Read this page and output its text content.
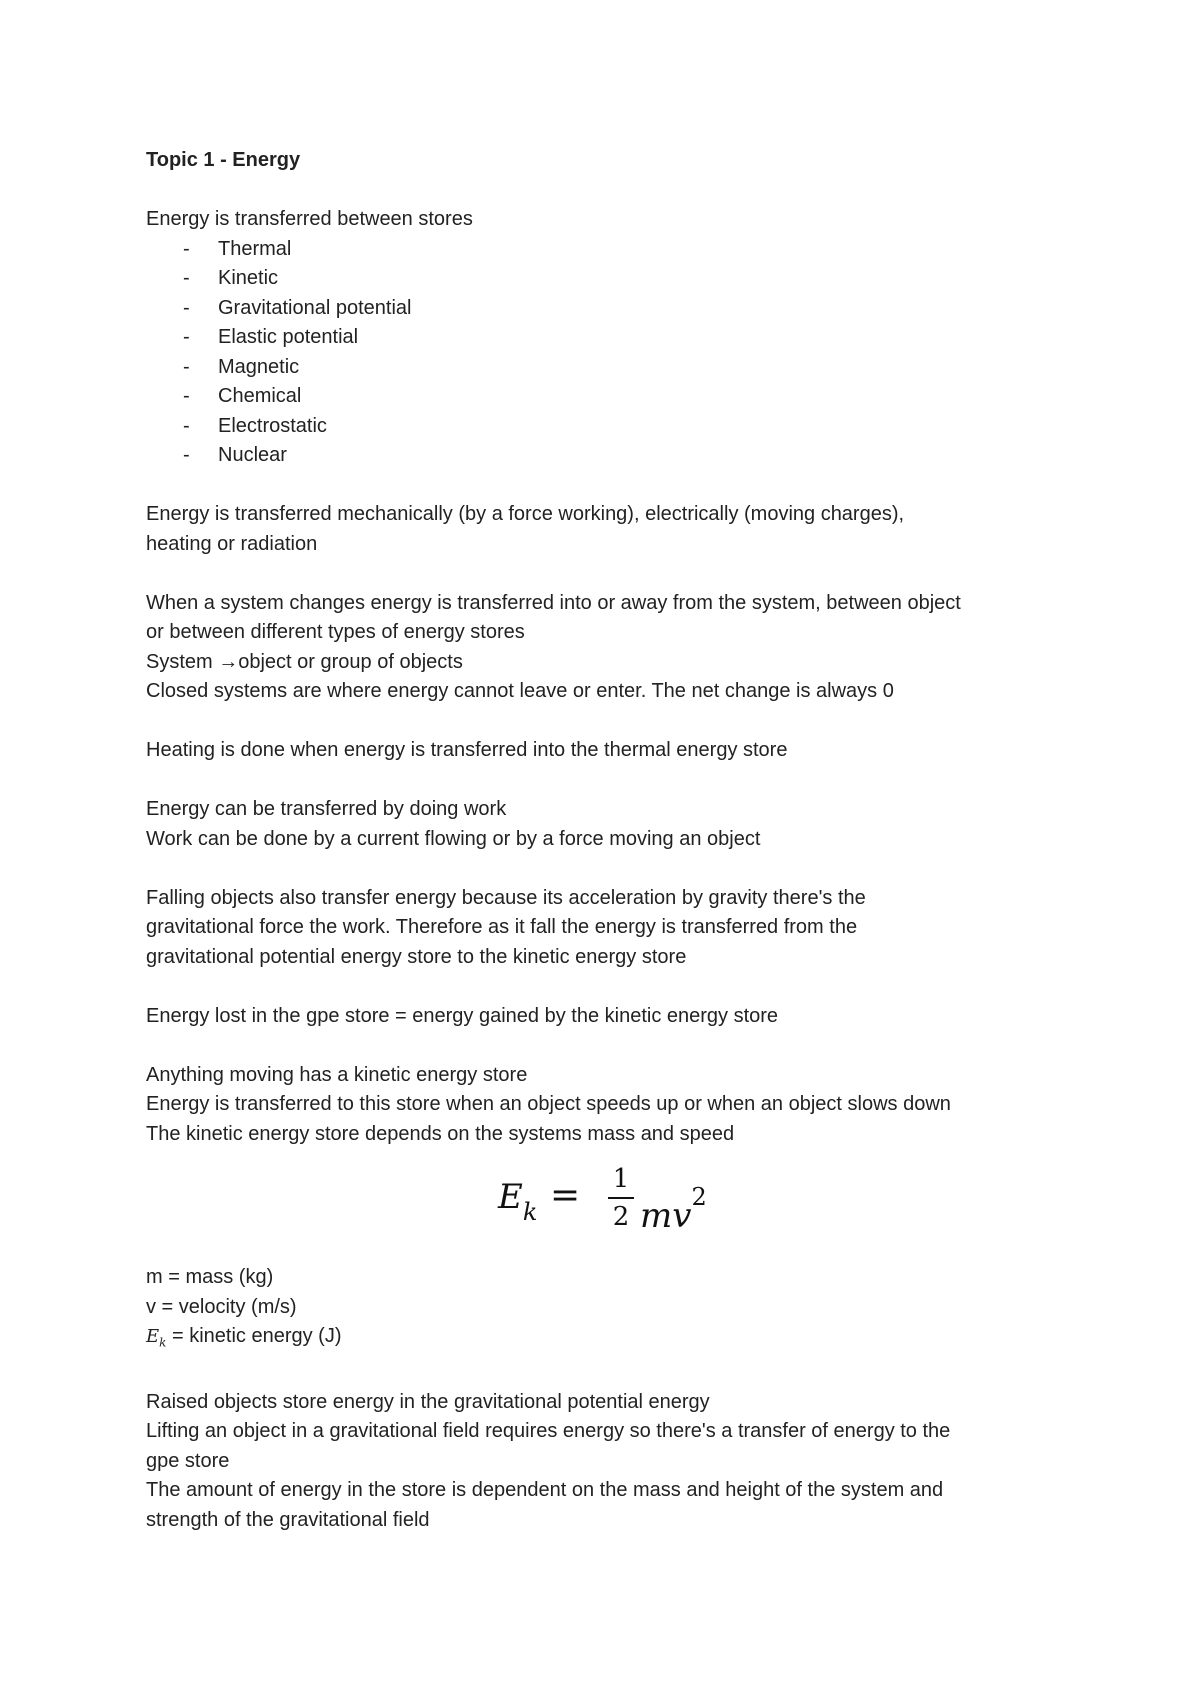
Topic 1 - Energy

Energy is transferred between stores

- Thermal
- Kinetic
- Gravitational potential
- Elastic potential
- Magnetic
- Chemical
- Electrostatic
- Nuclear

Energy is transferred mechanically (by a force working), electrically (moving charges),

heating or radiation

When a system changes energy is transferred into or away from the system, between object

or between different types of energy stores

System →object or group of objects

Closed systems are where energy cannot leave or enter. The net change is always 0

Heating is done when energy is transferred into the thermal energy store

Energy can be transferred by doing work

Work can be done by a current flowing or by a force moving an object

Falling objects also transfer energy because its acceleration by gravity there's the

gravitational force the work. Therefore as it fall the energy is transferred from the

gravitational potential energy store to the kinetic energy store

Energy lost in the gpe store = energy gained by the kinetic energy store

Anything moving has a kinetic energy store

Energy is transferred to this store when an object speeds up or when an object slows down

The kinetic energy store depends on the systems mass and speed

$E_k = 1$
2 $mv^2$

m = mass (kg)

v = velocity (m/s)

$E_k$ = kinetic energy (J)

Raised objects store energy in the gravitational potential energy

Lifting an object in a gravitational field requires energy so there's a transfer of energy to the

gpe store

The amount of energy in the store is dependent on the mass and height of the system and

strength of the gravitational field
